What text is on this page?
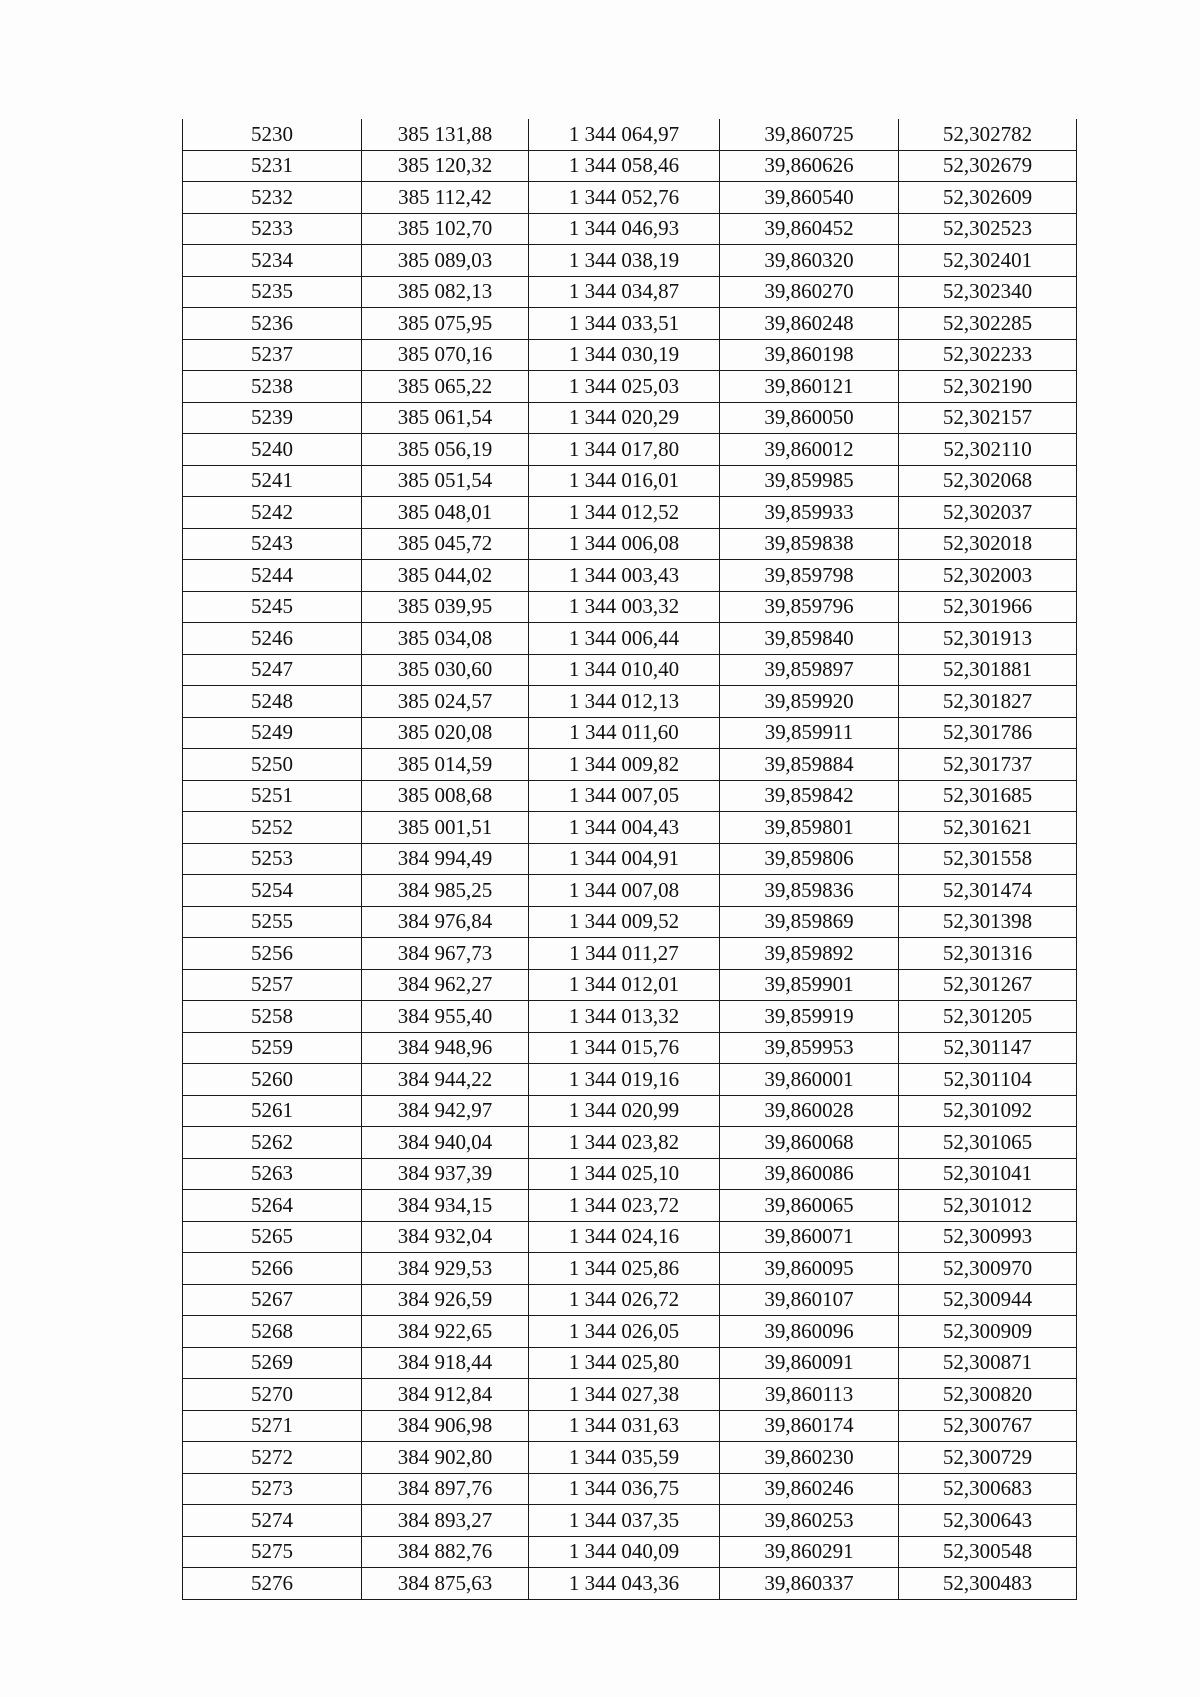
5230	385 131,88	1 344 064,97	39,860725	52,302782
5231	385 120,32	1 344 058,46	39,860626	52,302679
5232	385 112,42	1 344 052,76	39,860540	52,302609
5233	385 102,70	1 344 046,93	39,860452	52,302523
5234	385 089,03	1 344 038,19	39,860320	52,302401
5235	385 082,13	1 344 034,87	39,860270	52,302340
5236	385 075,95	1 344 033,51	39,860248	52,302285
5237	385 070,16	1 344 030,19	39,860198	52,302233
5238	385 065,22	1 344 025,03	39,860121	52,302190
5239	385 061,54	1 344 020,29	39,860050	52,302157
5240	385 056,19	1 344 017,80	39,860012	52,302110
5241	385 051,54	1 344 016,01	39,859985	52,302068
5242	385 048,01	1 344 012,52	39,859933	52,302037
5243	385 045,72	1 344 006,08	39,859838	52,302018
5244	385 044,02	1 344 003,43	39,859798	52,302003
5245	385 039,95	1 344 003,32	39,859796	52,301966
5246	385 034,08	1 344 006,44	39,859840	52,301913
5247	385 030,60	1 344 010,40	39,859897	52,301881
5248	385 024,57	1 344 012,13	39,859920	52,301827
5249	385 020,08	1 344 011,60	39,859911	52,301786
5250	385 014,59	1 344 009,82	39,859884	52,301737
5251	385 008,68	1 344 007,05	39,859842	52,301685
5252	385 001,51	1 344 004,43	39,859801	52,301621
5253	384 994,49	1 344 004,91	39,859806	52,301558
5254	384 985,25	1 344 007,08	39,859836	52,301474
5255	384 976,84	1 344 009,52	39,859869	52,301398
5256	384 967,73	1 344 011,27	39,859892	52,301316
5257	384 962,27	1 344 012,01	39,859901	52,301267
5258	384 955,40	1 344 013,32	39,859919	52,301205
5259	384 948,96	1 344 015,76	39,859953	52,301147
5260	384 944,22	1 344 019,16	39,860001	52,301104
5261	384 942,97	1 344 020,99	39,860028	52,301092
5262	384 940,04	1 344 023,82	39,860068	52,301065
5263	384 937,39	1 344 025,10	39,860086	52,301041
5264	384 934,15	1 344 023,72	39,860065	52,301012
5265	384 932,04	1 344 024,16	39,860071	52,300993
5266	384 929,53	1 344 025,86	39,860095	52,300970
5267	384 926,59	1 344 026,72	39,860107	52,300944
5268	384 922,65	1 344 026,05	39,860096	52,300909
5269	384 918,44	1 344 025,80	39,860091	52,300871
5270	384 912,84	1 344 027,38	39,860113	52,300820
5271	384 906,98	1 344 031,63	39,860174	52,300767
5272	384 902,80	1 344 035,59	39,860230	52,300729
5273	384 897,76	1 344 036,75	39,860246	52,300683
5274	384 893,27	1 344 037,35	39,860253	52,300643
5275	384 882,76	1 344 040,09	39,860291	52,300548
5276	384 875,63	1 344 043,36	39,860337	52,300483
